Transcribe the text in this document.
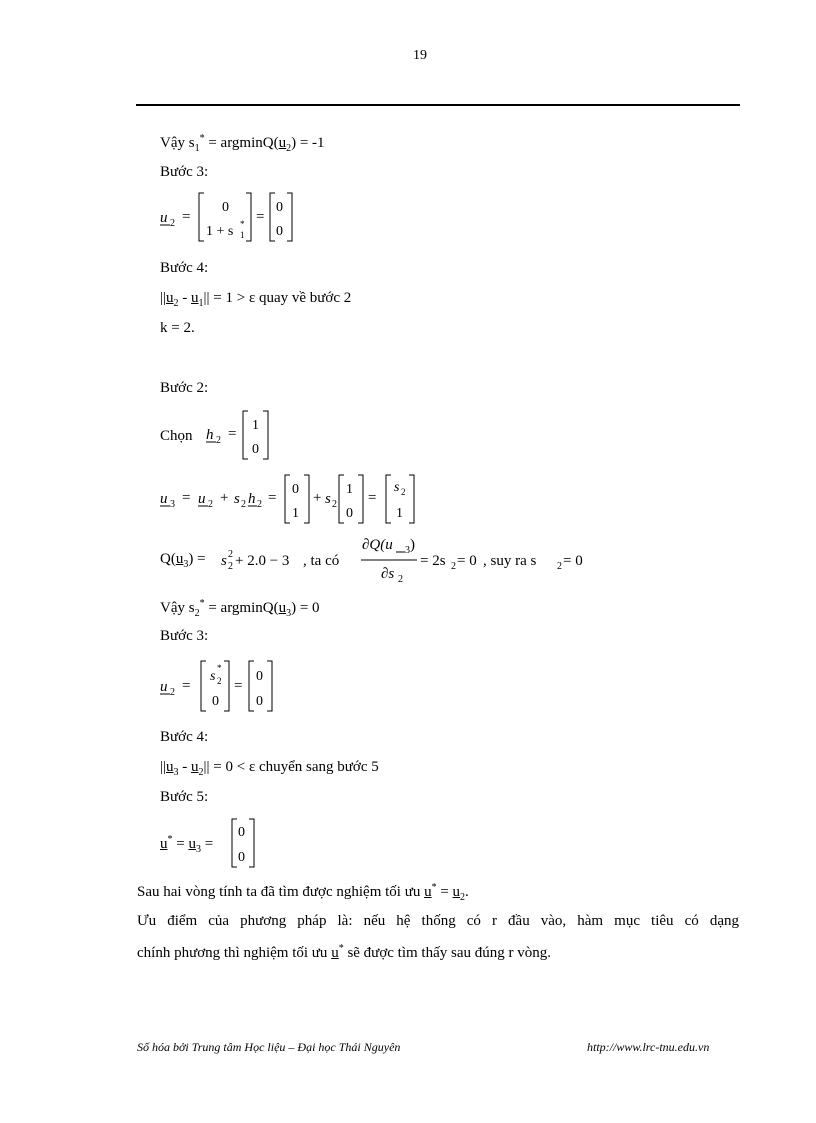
19
Vậy $s_1^* = argminQ(u_2) = -1$
Bước 3:
u 2 =
0
1 + s 1
* =
0
0
Bước 4:
$||u_2 - u_1|| = 1 > \varepsilon$ quay về bước 2
k = 2.
Bước 2:
Chọn h 2 =
1
0
u 3 = u 2 + s 2 h 2 =
0
1
+ s 2
1
0
=
s 2
1
$Q(u_3) = s$ 2
2 + 2.0 − 3 , ta có
∂Q(u 3 )
∂s 2
= 2s 2 = 0 , suy ra s 2 = 0
Vậy $s_2^* = argminQ(u_3) = 0$
Bước 3:
u 2 =
s 2
*
0
=
0
0
Bước 4:
$||u_3 - u_2|| = 0 < \varepsilon$ chuyển sang bước 5
Bước 5:
$u^* = u_3$ =
0
0
Sau hai vòng tính ta đã tìm được nghiệm tối ưu $u^* = u_2$.
Ưu điểm của phương pháp là: nếu hệ thống có r đầu vào, hàm mục tiêu có dạng
chính phương thì nghiệm tối ưu u* sẽ được tìm thấy sau đúng r vòng.
Số hóa bởi Trung tâm Học liệu – Đại học Thái Nguyên	http://www.lrc-tnu.edu.vn
